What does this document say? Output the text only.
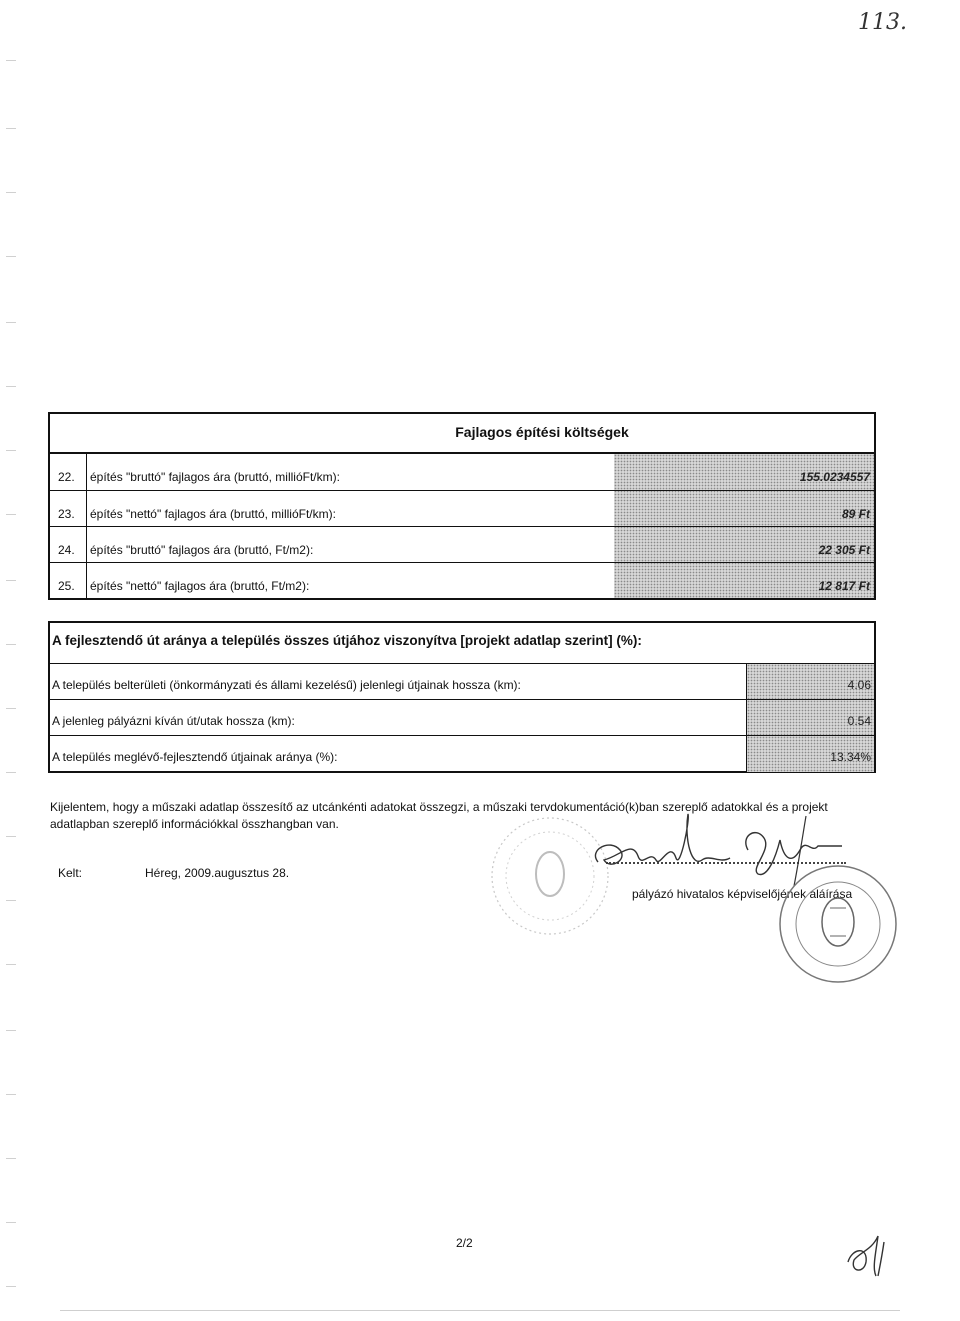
113.
Fajlagos építési költségek
22.	építés "bruttó" fajlagos ára (bruttó, millióFt/km):	155.0234557
23.	építés "nettó" fajlagos ára (bruttó, millióFt/km):	89 Ft
24.	építés "bruttó" fajlagos ára (bruttó, Ft/m2):	22 305 Ft
25.	építés "nettó" fajlagos ára (bruttó, Ft/m2):	12 817 Ft
A fejlesztendő út aránya a település összes útjához viszonyítva [projekt adatlap szerint] (%):
A település belterületi (önkormányzati és állami kezelésű) jelenlegi útjainak hossza (km):	4.06
A jelenleg pályázni kíván út/utak hossza (km):	0.54
A település meglévő-fejlesztendő útjainak aránya (%):	13.34%
Kijelentem, hogy a műszaki adatlap összesítő az utcánkénti adatokat összegzi, a műszaki tervdokumentáció(k)ban szereplő adatokkal és a projekt adatlapban szereplő információkkal összhangban van.
Kelt:	Héreg, 2009.augusztus 28.
pályázó hivatalos képviselőjének aláírása
2/2
